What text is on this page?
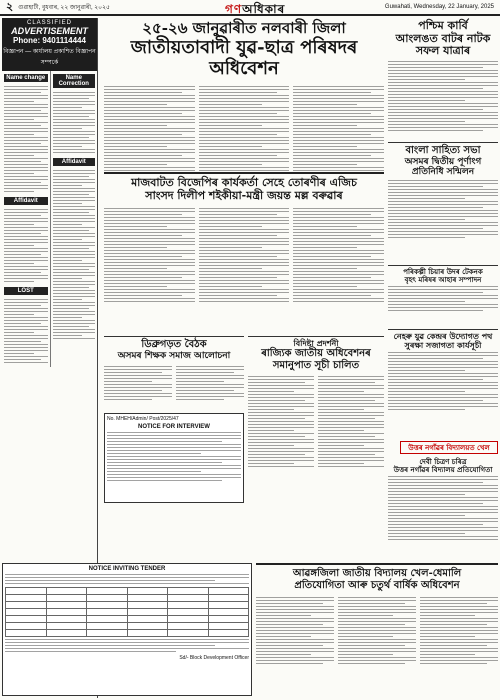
২ গুৱাহাটী, বুধবাৰ, ২২ জানুৱাৰী, ২০২৫	গণঅধিকাৰ	Guwahati, Wednesday, 22 January, 2025
CLASSIFIED
ADVERTISEMENT
Phone: 9401114444
বিজ্ঞাপন — কাৰ্যালয় প্ৰকাশিত বিজ্ঞাপন সম্পৰ্কে
Name change
Affidavit
LOST
Name Correction
Affidavit
২৫-২৬ জানুৱাৰীত নলবাৰী জিলা
জাতীয়তাবাদী যুৱ-ছাত্ৰ পৰিষদৰ অধিবেশন
মাজবাটত বিজেপিৰ কাৰ্যকৰ্তা সেহে তোৰণীৰ এজিচ
সাংসদ দিলীপ শইকীয়া-মন্ত্ৰী জয়ন্ত মল্ল বৰুৱাৰ
ডিব্ৰুগড়ত বৈঠক
অসমৰ শিক্ষক সমাজ আলোচনা
No. MHEH/Admin/ Post/2025/47
NOTICE FOR INTERVIEW
বিদিষ্টা প্ৰদৰ্শনী
ৰাজ্যিক জাতীয় অধিবেশনৰ
সমানুপাত সূচী চালিত
পশ্চিম কাৰ্বি
আংলঙত বাটৰ নাটক সফল যাত্ৰাৰ
বাংলা সাহিত্য সভা
অসমৰ দ্বিতীয় পূৰ্ণাংগ
প্ৰতিনিধি সন্মিলন
পৰিকল্পী চিয়াৰ উদৰ টেকনক
বৃহৎ মৰিষৰ আহাৰ সম্পাদন
নেহৰু যুৱ কেন্দ্ৰৰ উদ্যোগত পথ সুৰক্ষা সজাগতা কাৰ্যসূচী
উত্তৰ নগাঁৱৰ বিদ্যালয়ত খেল
দেবী চিত্ৰণ চৰিত্ৰ
উত্তৰ নগাঁৱৰ বিদ্যালয় প্ৰতিযোগিতা
NOTICE INVITING TENDER

Sd/- Block Development Officer
আৱঙ্গজিলা জাতীয় বিদ্যালয় খেল-ধেমালি
প্ৰতিযোগিতা আৰু চতুৰ্থ বাৰ্ষিক অধিবেশন
